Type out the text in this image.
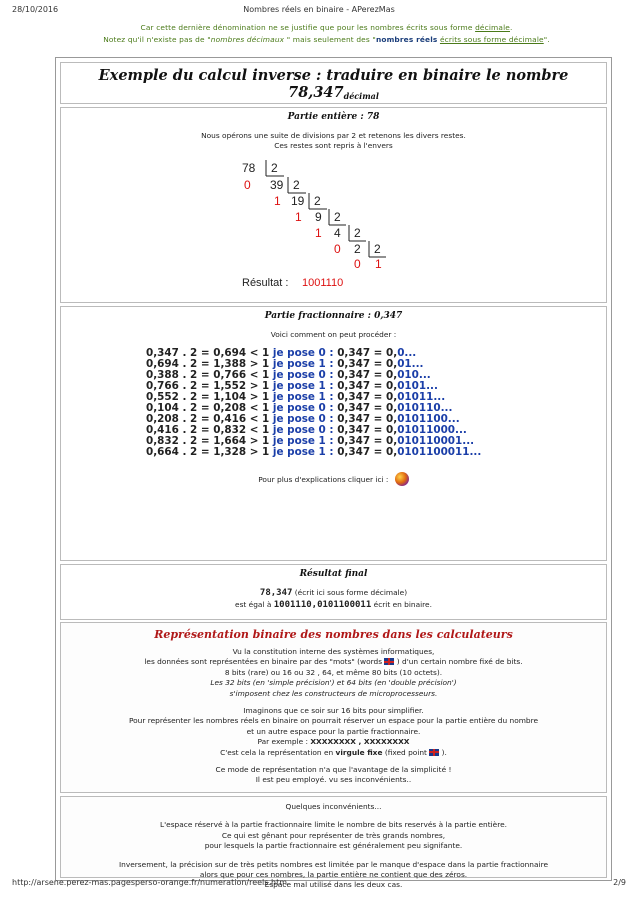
28/10/2016	Nombres réels en binaire - APerezMas
Car cette dernière dénomination ne se justifie que pour les nombres écrits sous forme décimale.
Notez qu'il n'existe pas de "nombres décimaux " mais seulement des "nombres réels écrits sous forme décimale".
Exemple du calcul inverse : traduire en binaire le nombre
$78,347_{décimal}$
Partie entière : 78
Nous opérons une suite de divisions par 2 et retenons les divers restes.
Ces restes sont repris à l'envers
78 2
0 39 2
1 19 2
1 9 2
1 4 2
0 2 2
0 1
Résultat : 1001110
Partie fractionnaire : 0,347
Voici comment on peut procéder :
0,347 . 2 = 0,694 < 1 je pose 0 : 0,347 = 0,0...
0,694 . 2 = 1,388 > 1 je pose 1 : 0,347 = 0,01...
0,388 . 2 = 0,766 < 1 je pose 0 : 0,347 = 0,010...
0,766 . 2 = 1,552 > 1 je pose 1 : 0,347 = 0,0101...
0,552 . 2 = 1,104 > 1 je pose 1 : 0,347 = 0,01011...
0,104 . 2 = 0,208 < 1 je pose 0 : 0,347 = 0,010110...
0,208 . 2 = 0,416 < 1 je pose 0 : 0,347 = 0,0101100...
0,416 . 2 = 0,832 < 1 je pose 0 : 0,347 = 0,01011000...
0,832 . 2 = 1,664 > 1 je pose 1 : 0,347 = 0,010110001...
0,664 . 2 = 1,328 > 1 je pose 1 : 0,347 = 0,0101100011...
Pour plus d'explications cliquer ici :
Résultat final
78,347 (écrit ici sous forme décimale)
est égal à 1001110,0101100011 écrit en binaire.
Représentation binaire des nombres dans les calculateurs
Vu la constitution interne des systèmes informatiques,
les données sont représentées en binaire par des "mots" (words ) d'un certain nombre fixé de bits.
8 bits (rare) ou 16 ou 32 , 64, et même 80 bits (10 octets).
Les 32 bits (en 'simple précision') et 64 bits (en 'double précision')
s'imposent chez les constructeurs de microprocesseurs.
Imaginons que ce soir sur 16 bits pour simplifier.
Pour représenter les nombres réels en binaire on pourrait réserver un espace pour la partie entière du nombre
et un autre espace pour la partie fractionnaire.
Par exemple : XXXXXXXX , XXXXXXXX
C'est cela la représentation en virgule fixe (fixed point ).
Ce mode de représentation n'a que l'avantage de la simplicité !
Il est peu employé. vu ses inconvénients..
Quelques inconvénients...
L'espace réservé à la partie fractionnaire limite le nombre de bits reservés à la partie entière.
Ce qui est gênant pour représenter de très grands nombres,
pour lesquels la partie fractionnaire est généralement peu signifante.
Inversement, la précision sur de très petits nombres est limitée par le manque d'espace dans la partie fractionnaire
alors que pour ces nombres, la partie entière ne contient que des zéros.
Espace mal utilisé dans les deux cas.
http://arsene.perez-mas.pagesperso-orange.fr/numeration/reels.htm	2/9
